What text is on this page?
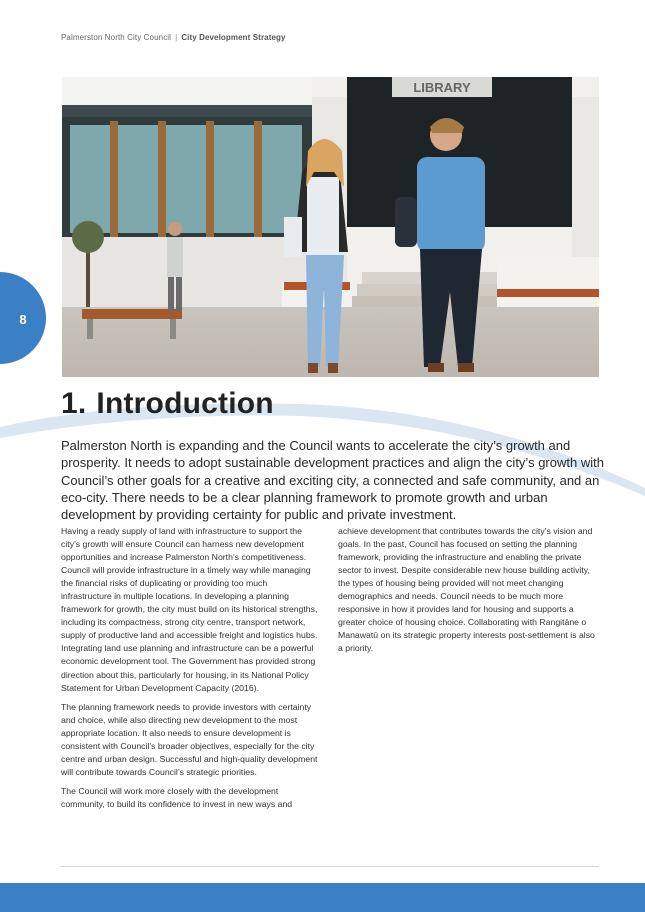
Palmerston North City Council | City Development Strategy
LIBRARY
8
1. Introduction

Palmerston North is expanding and the Council wants to accelerate the city’s growth and prosperity. It needs to adopt sustainable development practices and align the city’s growth with Council’s other goals for a creative and exciting city, a connected and safe community, and an eco-city. There needs to be a clear planning framework to promote growth and urban development by providing certainty for public and private investment.

Having a ready supply of land with infrastructure to support the city’s growth will ensure Council can harness new development opportunities and increase Palmerston North’s competitiveness. Council will provide infrastructure in a timely way while managing the financial risks of duplicating or providing too much infrastructure in multiple locations. In developing a planning framework for growth, the city must build on its historical strengths, including its compactness, strong city centre, transport network, supply of productive land and accessible freight and logistics hubs. Integrating land use planning and infrastructure can be a powerful economic development tool. The Government has provided strong direction about this, particularly for housing, in its National Policy Statement for Urban Development Capacity (2016).

The planning framework needs to provide investors with certainty and choice, while also directing new development to the most appropriate location. It also needs to ensure development is consistent with Council’s broader objectives, especially for the city centre and urban design. Successful and high-quality development will contribute towards Council’s strategic priorities.

The Council will work more closely with the development community, to build its confidence to invest in new ways and

achieve development that contributes towards the city’s vision and goals. In the past, Council has focused on setting the planning framework, providing the infrastructure and enabling the private sector to invest. Despite considerable new house building activity, the types of housing being provided will not meet changing demographics and needs. Council needs to be much more responsive in how it provides land for housing and supports a greater choice of housing choice. Collaborating with Rangitāne o Manawatū on its strategic property interests post-settlement is also a priority.
